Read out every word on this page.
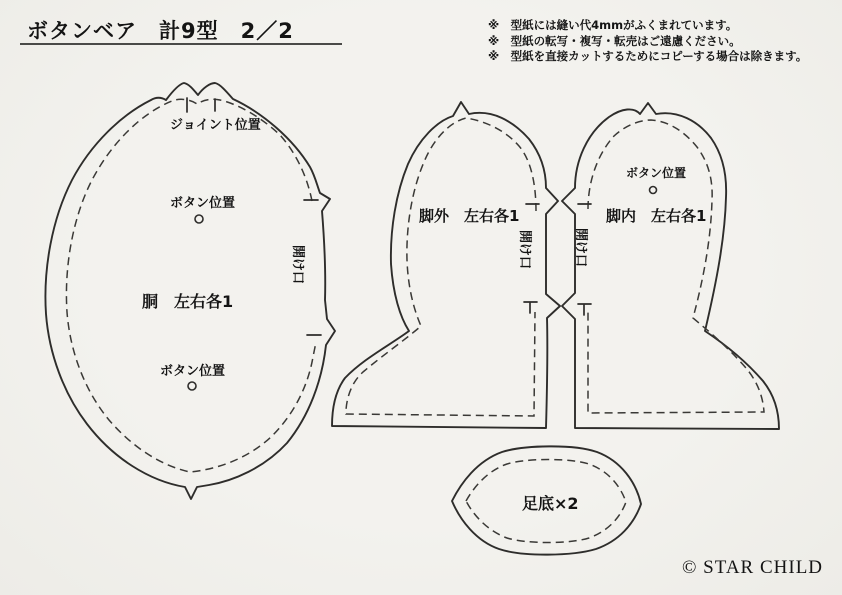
ボタンベア　計9型　2／2	※　型紙には縫い代4mmがふくまれています。
※　型紙の転写・複写・転売はご遠慮ください。
※　型紙を直接カットするためにコピーする場合は除きます。
ジョイント位置
ボタン位置
胴　左右各1
ボタン位置
開け口
脚外　左右各1
開け口
ボタン位置
脚内　左右各1
開け口
足底×2
© STAR CHILD
